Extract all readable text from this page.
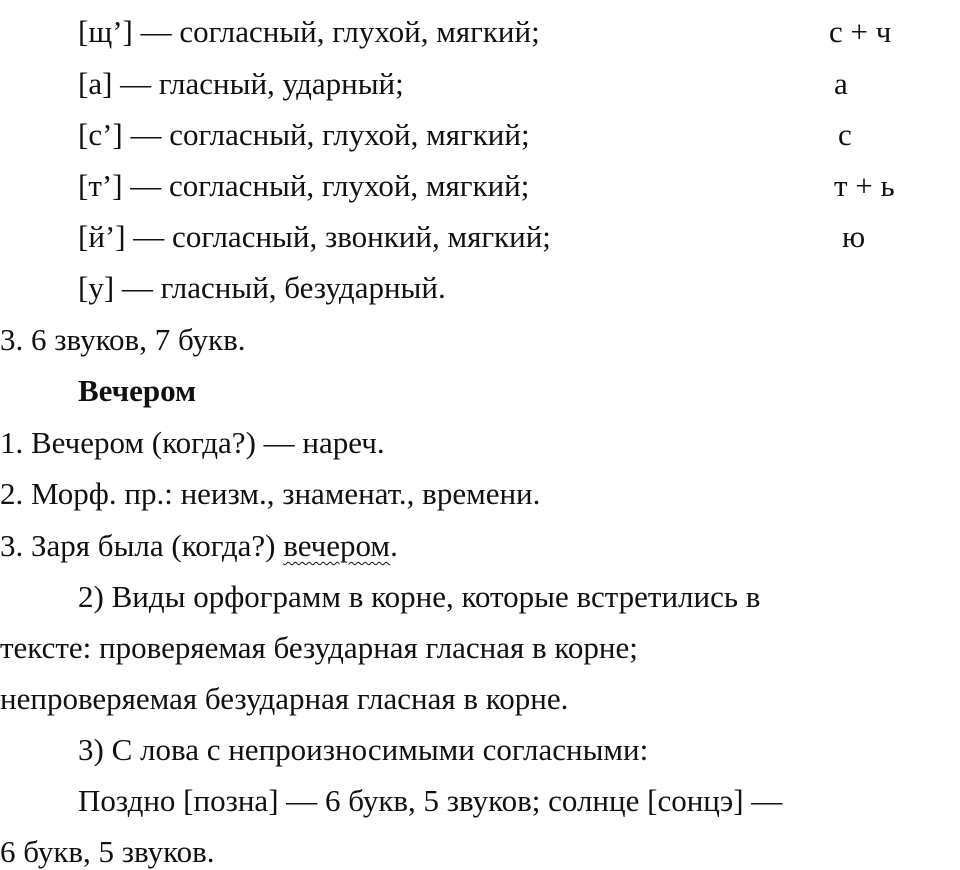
[щ’] — согласный, глухой, мягкий;	с + ч
[а] — гласный, ударный;	а
[с’] — согласный, глухой, мягкий;	с
[т’] — согласный, глухой, мягкий;	т + ь
[й’] — согласный, звонкий, мягкий;	ю
[у] — гласный, безударный.
3. 6 звуков, 7 букв.
Вечером
1. Вечером (когда?) — нареч.
2. Морф. пр.: неизм., знаменат., времени.
3. Заря была (когда?) вечером.
2) Виды орфограмм в корне, которые встретились в
тексте: проверяемая безударная гласная в корне;
непроверяемая безударная гласная в корне.
3) С лова с непроизносимыми согласными:
Поздно [позна] — 6 букв, 5 звуков; солнце [сонцэ] —
6 букв, 5 звуков.
